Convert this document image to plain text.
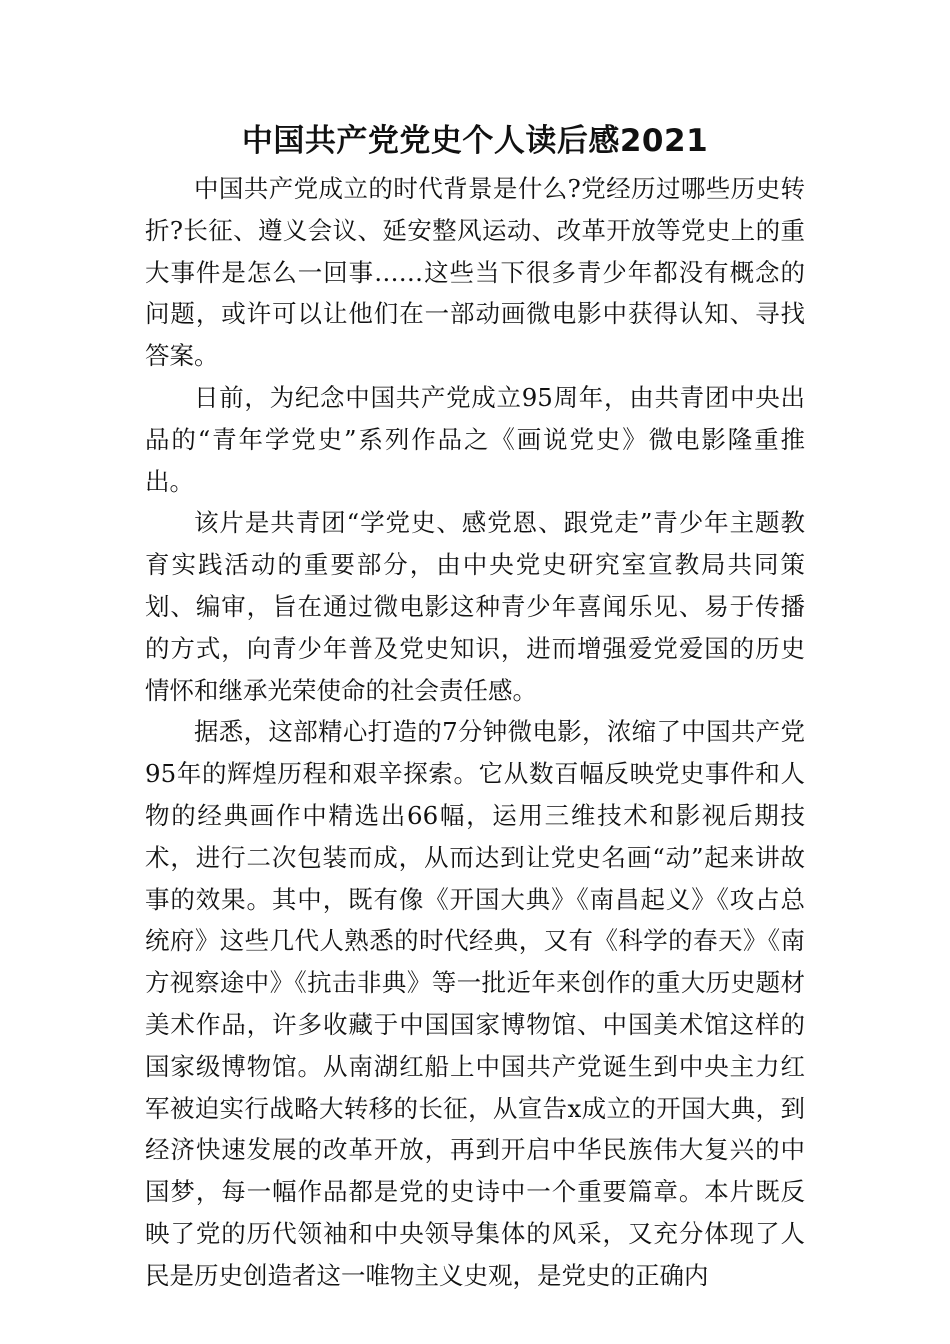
中国共产党党史个人读后感2021

中国共产党成立的时代背景是什么?党经历过哪些历史转折?长征、遵义会议、延安整风运动、改革开放等党史上的重大事件是怎么一回事……这些当下很多青少年都没有概念的问题，或许可以让他们在一部动画微电影中获得认知、寻找答案。

日前，为纪念中国共产党成立95周年，由共青团中央出品的“青年学党史”系列作品之《画说党史》微电影隆重推出。

该片是共青团“学党史、感党恩、跟党走”青少年主题教育实践活动的重要部分，由中央党史研究室宣教局共同策划、编审，旨在通过微电影这种青少年喜闻乐见、易于传播的方式，向青少年普及党史知识，进而增强爱党爱国的历史情怀和继承光荣使命的社会责任感。

据悉，这部精心打造的7分钟微电影，浓缩了中国共产党95年的辉煌历程和艰辛探索。它从数百幅反映党史事件和人物的经典画作中精选出66幅，运用三维技术和影视后期技术，进行二次包装而成，从而达到让党史名画“动”起来讲故事的效果。其中，既有像《开国大典》《南昌起义》《攻占总统府》这些几代人熟悉的时代经典，又有《科学的春天》《南方视察途中》《抗击非典》等一批近年来创作的重大历史题材美术作品，许多收藏于中国国家博物馆、中国美术馆这样的国家级博物馆。从南湖红船上中国共产党诞生到中央主力红军被迫实行战略大转移的长征，从宣告x成立的开国大典，到经济快速发展的改革开放，再到开启中华民族伟大复兴的中国梦，每一幅作品都是党的史诗中一个重要篇章。本片既反映了党的历代领袖和中央领导集体的风采，又充分体现了人民是历史创造者这一唯物主义史观，是党史的正确内
